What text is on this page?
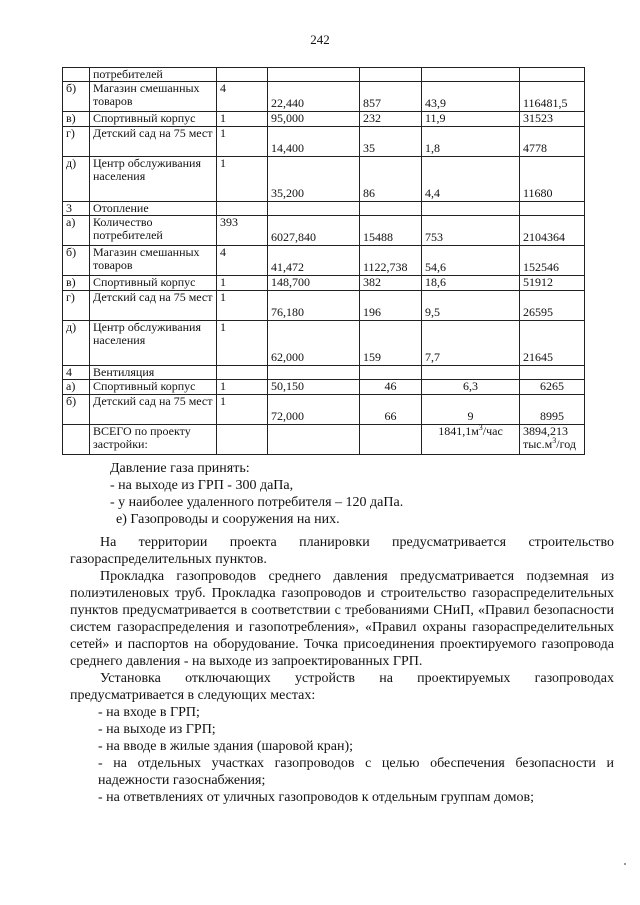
242
	потребителей					
б)	Магазин смешанных товаров	4	22,440	857	43,9	116481,5
в)	Спортивный корпус	1	95,000	232	11,9	31523
г)	Детский сад на 75 мест	1	14,400	35	1,8	4778
д)	Центр обслуживания населения	1	35,200	86	4,4	11680
3	Отопление					
а)	Количество потребителей	393	6027,840	15488	753	2104364
б)	Магазин смешанных товаров	4	41,472	1122,738	54,6	152546
в)	Спортивный корпус	1	148,700	382	18,6	51912
г)	Детский сад на 75 мест	1	76,180	196	9,5	26595
д)	Центр обслуживания населения	1	62,000	159	7,7	21645
4	Вентиляция					
а)	Спортивный корпус	1	50,150	46	6,3	6265
б)	Детский сад на 75 мест	1	72,000	66	9	8995
	ВСЕГО по проекту застройки:				$1841,1м^3$/час	3894,213
$тыс.м^3$/год

Давление газа принять:

- на выходе из ГРП - 300 даПа,

- у наиболее удаленного потребителя – 120 даПа.

е) Газопроводы и сооружения на них.

На территории проекта планировки предусматривается строительство газораспределительных пунктов.

Прокладка газопроводов среднего давления предусматривается подземная из полиэтиленовых труб. Прокладка газопроводов и строительство газораспределительных пунктов предусматривается в соответствии с требованиями СНиП, «Правил безопасности систем газораспределения и газопотребления», «Правил охраны газораспределительных сетей» и паспортов на оборудование. Точка присоединения проектируемого газопровода среднего давления - на выходе из запроектированных ГРП.

Установка отключающих устройств на проектируемых газопроводах предусматривается в следующих местах:

- на входе в ГРП;

- на выходе из ГРП;

- на вводе в жилые здания (шаровой кран);

- на отдельных участках газопроводов с целью обеспечения безопасности и надежности газоснабжения;

- на ответвлениях от уличных газопроводов к отдельным группам домов;
